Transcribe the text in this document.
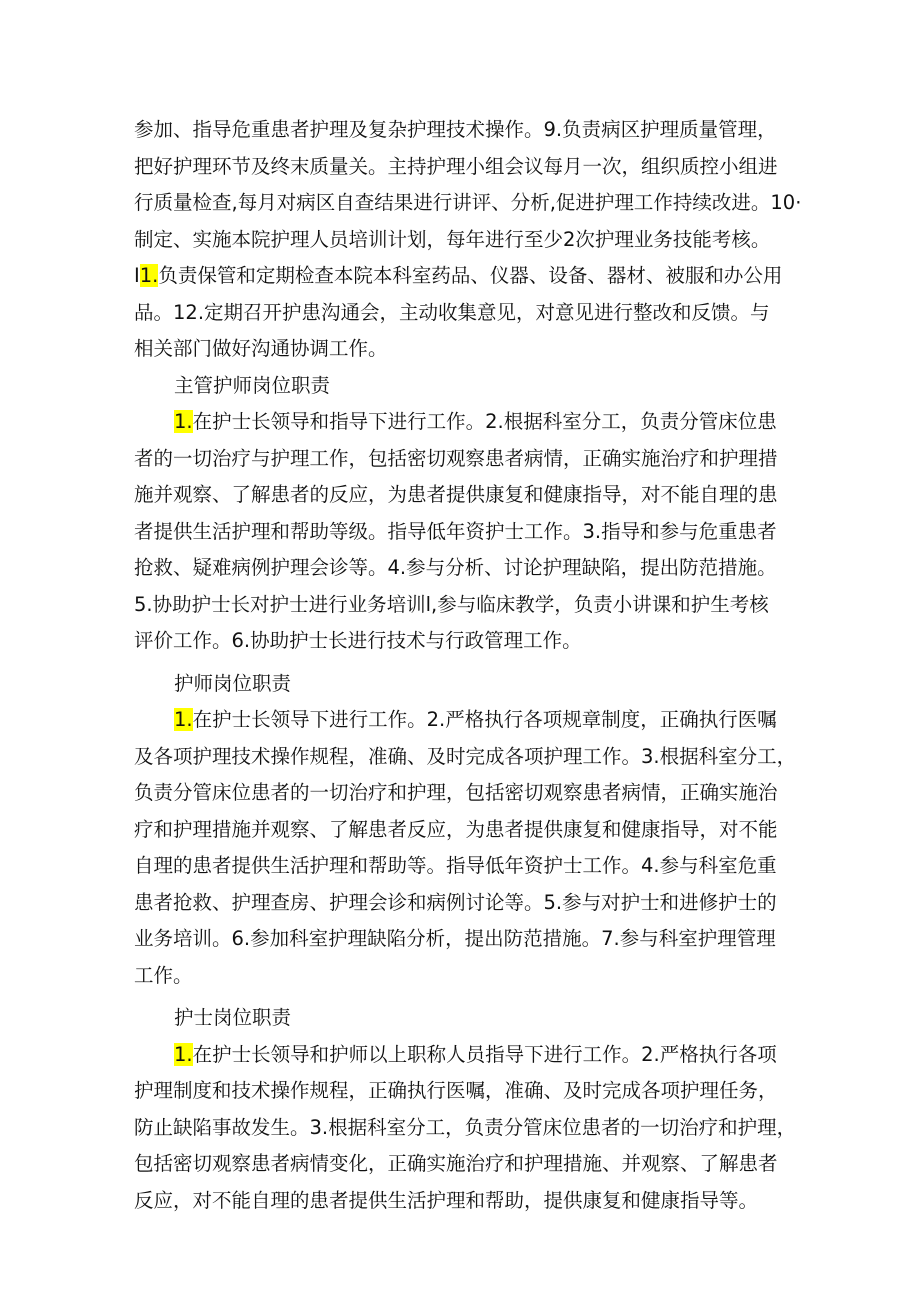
参加、指导危重患者护理及复杂护理技术操作。9.负责病区护理质量管理，
把好护理环节及终末质量关。主持护理小组会议每月一次，组织质控小组进
行质量检查,每月对病区自查结果进行讲评、分析,促进护理工作持续改进。10·
制定、实施本院护理人员培训计划，每年进行至少2次护理业务技能考核。
I1.负责保管和定期检查本院本科室药品、仪器、设备、器材、被服和办公用
品。12.定期召开护患沟通会，主动收集意见，对意见进行整改和反馈。与
相关部门做好沟通协调工作。
主管护师岗位职责
1.在护士长领导和指导下进行工作。2.根据科室分工，负责分管床位患
者的一切治疗与护理工作，包括密切观察患者病情，正确实施治疗和护理措
施并观察、了解患者的反应，为患者提供康复和健康指导，对不能自理的患
者提供生活护理和帮助等级。指导低年资护士工作。3.指导和参与危重患者
抢救、疑难病例护理会诊等。4.参与分析、讨论护理缺陷，提出防范措施。
5.协助护士长对护士进行业务培训l,参与临床教学，负责小讲课和护生考核
评价工作。6.协助护士长进行技术与行政管理工作。
护师岗位职责
1.在护士长领导下进行工作。2.严格执行各项规章制度，正确执行医嘱
及各项护理技术操作规程，准确、及时完成各项护理工作。3.根据科室分工，
负责分管床位患者的一切治疗和护理，包括密切观察患者病情，正确实施治
疗和护理措施并观察、了解患者反应，为患者提供康复和健康指导，对不能
自理的患者提供生活护理和帮助等。指导低年资护士工作。4.参与科室危重
患者抢救、护理查房、护理会诊和病例讨论等。5.参与对护士和进修护士的
业务培训。6.参加科室护理缺陷分析，提出防范措施。7.参与科室护理管理
工作。
护士岗位职责
1.在护士长领导和护师以上职称人员指导下进行工作。2.严格执行各项
护理制度和技术操作规程，正确执行医嘱，准确、及时完成各项护理任务，
防止缺陷事故发生。3.根据科室分工，负责分管床位患者的一切治疗和护理，
包括密切观察患者病情变化，正确实施治疗和护理措施、并观察、了解患者
反应，对不能自理的患者提供生活护理和帮助，提供康复和健康指导等。
